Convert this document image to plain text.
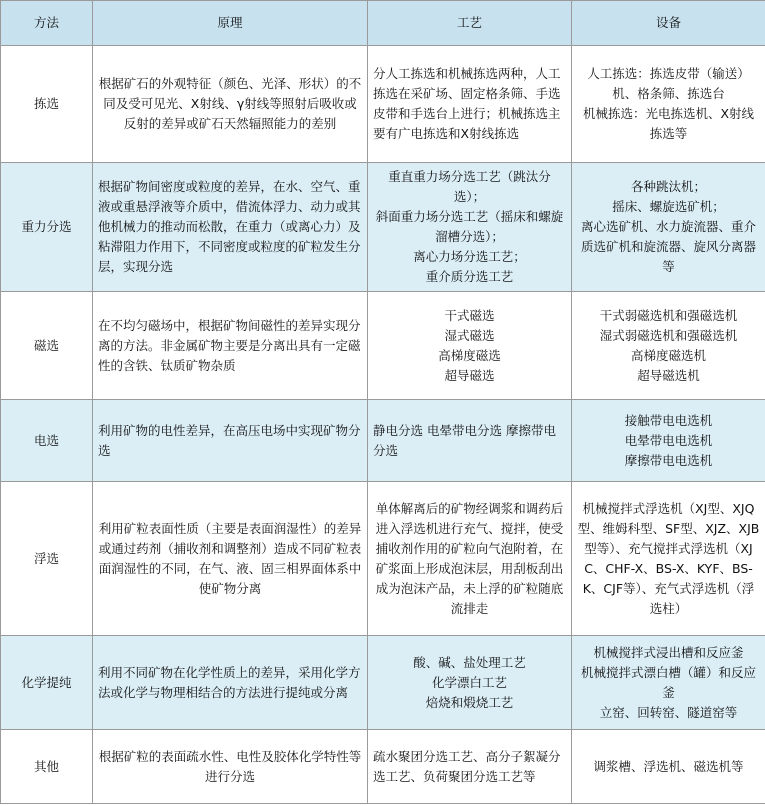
方法	原理	工艺	设备
拣选	根据矿石的外观特征（颜色、光泽、形状）的不同及受可见光、X射线、γ射线等照射后吸收或反射的差异或矿石天然辐照能力的差别	分人工拣选和机械拣选两种，人工拣选在采矿场、固定格条筛、手选皮带和手选台上进行；机械拣选主要有广电拣选和X射线拣选	人工拣选：拣选皮带（输送）机、格条筛、拣选台
机械拣选：光电拣选机、X射线拣选等

重力分选	根据矿物间密度或粒度的差异，在水、空气、重液或重悬浮液等介质中，借流体浮力、动力或其他机械力的推动而松散，在重力（或离心力）及粘滞阻力作用下，不同密度或粒度的矿粒发生分层，实现分选	重直重力场分选工艺（跳汰分选）；
斜面重力场分选工艺（摇床和螺旋溜槽分选）；
离心力场分选工艺；
重介质分选工艺	各种跳汰机；
摇床、螺旋选矿机；
离心选矿机、水力旋流器、重介质选矿机和旋流器、旋风分离器等

磁选	在不均匀磁场中，根据矿物间磁性的差异实现分离的方法。非金属矿物主要是分离出具有一定磁性的含铁、钛质矿物杂质	干式磁选
湿式磁选
高梯度磁选
超导磁选	干式弱磁选机和强磁选机
湿式弱磁选机和强磁选机
高梯度磁选机
超导磁选机

电选	利用矿物的电性差异，在高压电场中实现矿物分选	静电分选 电晕带电分选 摩擦带电分选	接触带电电选机
电晕带电电选机
摩擦带电电选机

浮选	利用矿粒表面性质（主要是表面润湿性）的差异或通过药剂（捕收剂和调整剂）造成不同矿粒表面润湿性的不同，在气、液、固三相界面体系中使矿物分离	单体解离后的矿物经调浆和调药后进入浮选机进行充气、搅拌，使受捕收剂作用的矿粒向气泡附着，在矿浆面上形成泡沫层，用刮板刮出成为泡沫产品，未上浮的矿粒随底流排走	机械搅拌式浮选机（XJ型、XJQ型、维姆科型、SF型、XJZ、XJB型等）、充气搅拌式浮选机（XJC、CHF-X、BS-X、KYF、BS-K、CJF等）、充气式浮选机（浮选柱）

化学提纯	利用不同矿物在化学性质上的差异，采用化学方法或化学与物理相结合的方法进行提纯或分离	酸、碱、盐处理工艺
化学漂白工艺
焙烧和煅烧工艺	机械搅拌式浸出槽和反应釜
机械搅拌式漂白槽（罐）和反应釜
立窑、回转窑、隧道窑等

其他	根据矿粒的表面疏水性、电性及胶体化学特性等进行分选	疏水聚团分选工艺、高分子絮凝分选工艺、负荷聚团分选工艺等	调浆槽、浮选机、磁选机等
